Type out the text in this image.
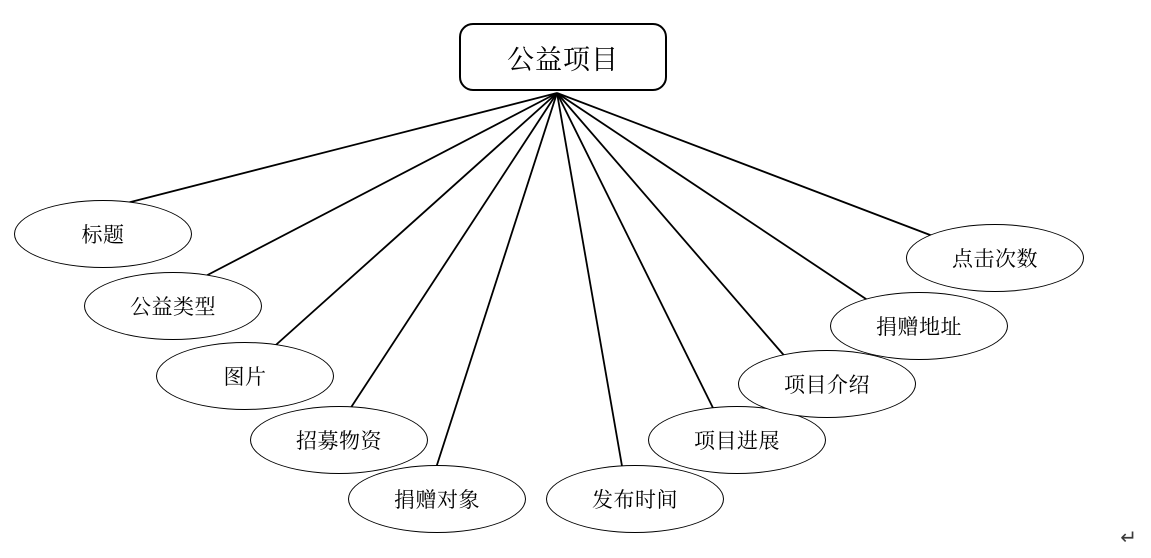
公益项目
标题
公益类型
图片
招募物资
捐赠对象	发布时间
项目进展
项目介绍
捐赠地址
点击次数
↵
